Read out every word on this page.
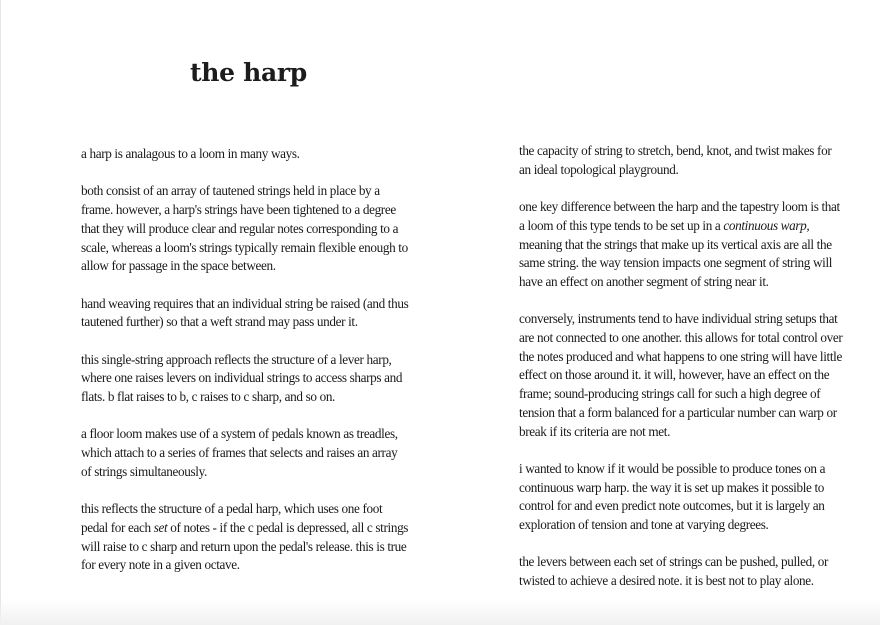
the harp

a harp is analagous to a loom in many ways.

both consist of an array of tautened strings held in place by a frame. however, a harp's strings have been tightened to a degree that they will produce clear and regular notes corresponding to a scale, whereas a loom's strings typically remain flexible enough to allow for passage in the space between.

hand weaving requires that an individual string be raised (and thus tautened further) so that a weft strand may pass under it.

this single-string approach reflects the structure of a lever harp, where one raises levers on individual strings to access sharps and flats. b flat raises to b, c raises to c sharp, and so on.

a floor loom makes use of a system of pedals known as treadles, which attach to a series of frames that selects and raises an array of strings simultaneously.

this reflects the structure of a pedal harp, which uses one foot pedal for each set of notes - if the c pedal is depressed, all c strings will raise to c sharp and return upon the pedal's release. this is true for every note in a given octave.

the capacity of string to stretch, bend, knot, and twist makes for an ideal topological playground.

one key difference between the harp and the tapestry loom is that a loom of this type tends to be set up in a continuous warp, meaning that the strings that make up its vertical axis are all the same string. the way tension impacts one segment of string will have an effect on another segment of string near it.

conversely, instruments tend to have individual string setups that are not connected to one another. this allows for total control over the notes produced and what happens to one string will have little effect on those around it. it will, however, have an effect on the frame; sound-producing strings call for such a high degree of tension that a form balanced for a particular number can warp or break if its criteria are not met.

i wanted to know if it would be possible to produce tones on a continuous warp harp. the way it is set up makes it possible to control for and even predict note outcomes, but it is largely an exploration of tension and tone at varying degrees.

the levers between each set of strings can be pushed, pulled, or twisted to achieve a desired note. it is best not to play alone.
